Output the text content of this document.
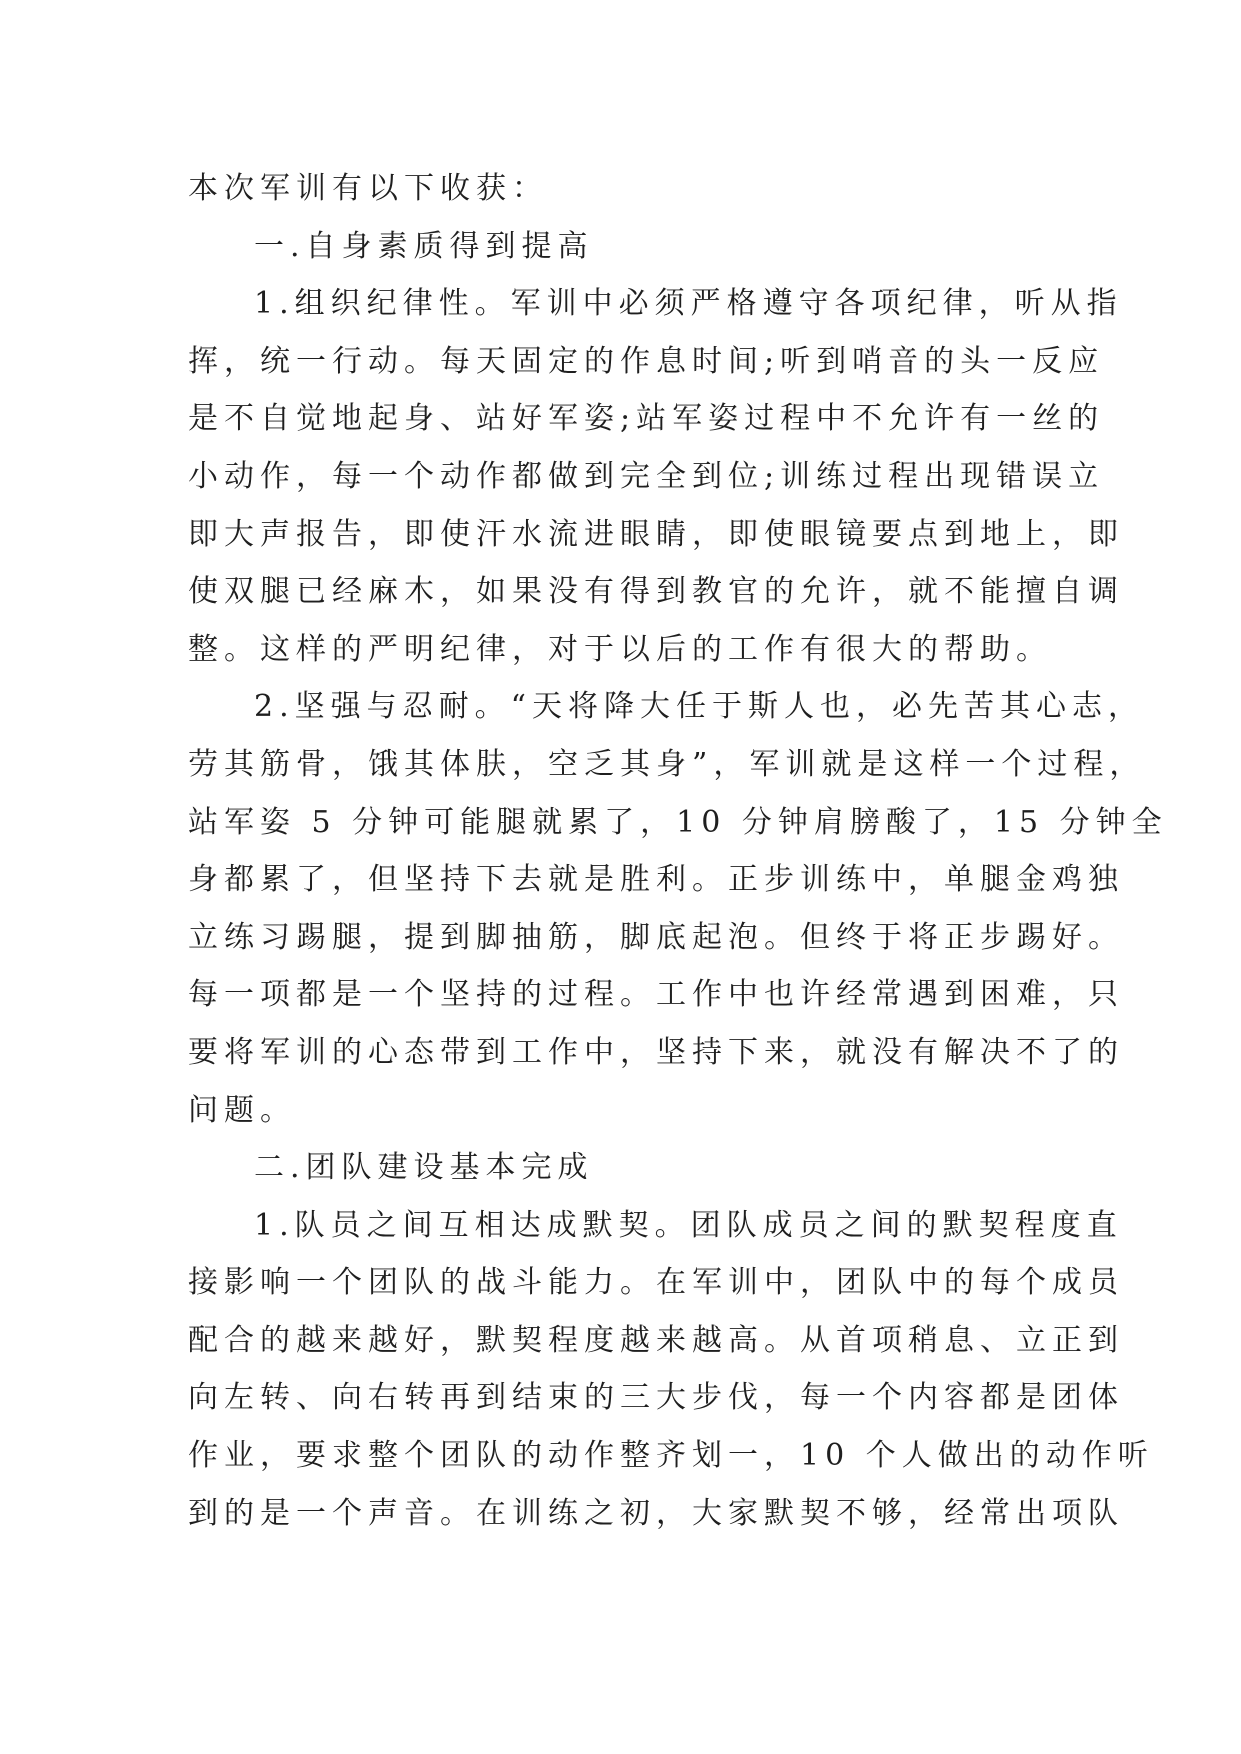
本次军训有以下收获：
一.自身素质得到提高
1.组织纪律性。军训中必须严格遵守各项纪律，听从指
挥，统一行动。每天固定的作息时间;听到哨音的头一反应
是不自觉地起身、站好军姿;站军姿过程中不允许有一丝的
小动作，每一个动作都做到完全到位;训练过程出现错误立
即大声报告，即使汗水流进眼睛，即使眼镜要点到地上，即
使双腿已经麻木，如果没有得到教官的允许，就不能擅自调
整。这样的严明纪律，对于以后的工作有很大的帮助。
2.坚强与忍耐。“天将降大任于斯人也，必先苦其心志，
劳其筋骨，饿其体肤，空乏其身”，军训就是这样一个过程，
站军姿 5 分钟可能腿就累了，10 分钟肩膀酸了，15 分钟全
身都累了，但坚持下去就是胜利。正步训练中，单腿金鸡独
立练习踢腿，提到脚抽筋，脚底起泡。但终于将正步踢好。
每一项都是一个坚持的过程。工作中也许经常遇到困难，只
要将军训的心态带到工作中，坚持下来，就没有解决不了的
问题。
二.团队建设基本完成
1.队员之间互相达成默契。团队成员之间的默契程度直
接影响一个团队的战斗能力。在军训中，团队中的每个成员
配合的越来越好，默契程度越来越高。从首项稍息、立正到
向左转、向右转再到结束的三大步伐，每一个内容都是团体
作业，要求整个团队的动作整齐划一，10 个人做出的动作听
到的是一个声音。在训练之初，大家默契不够，经常出项队
